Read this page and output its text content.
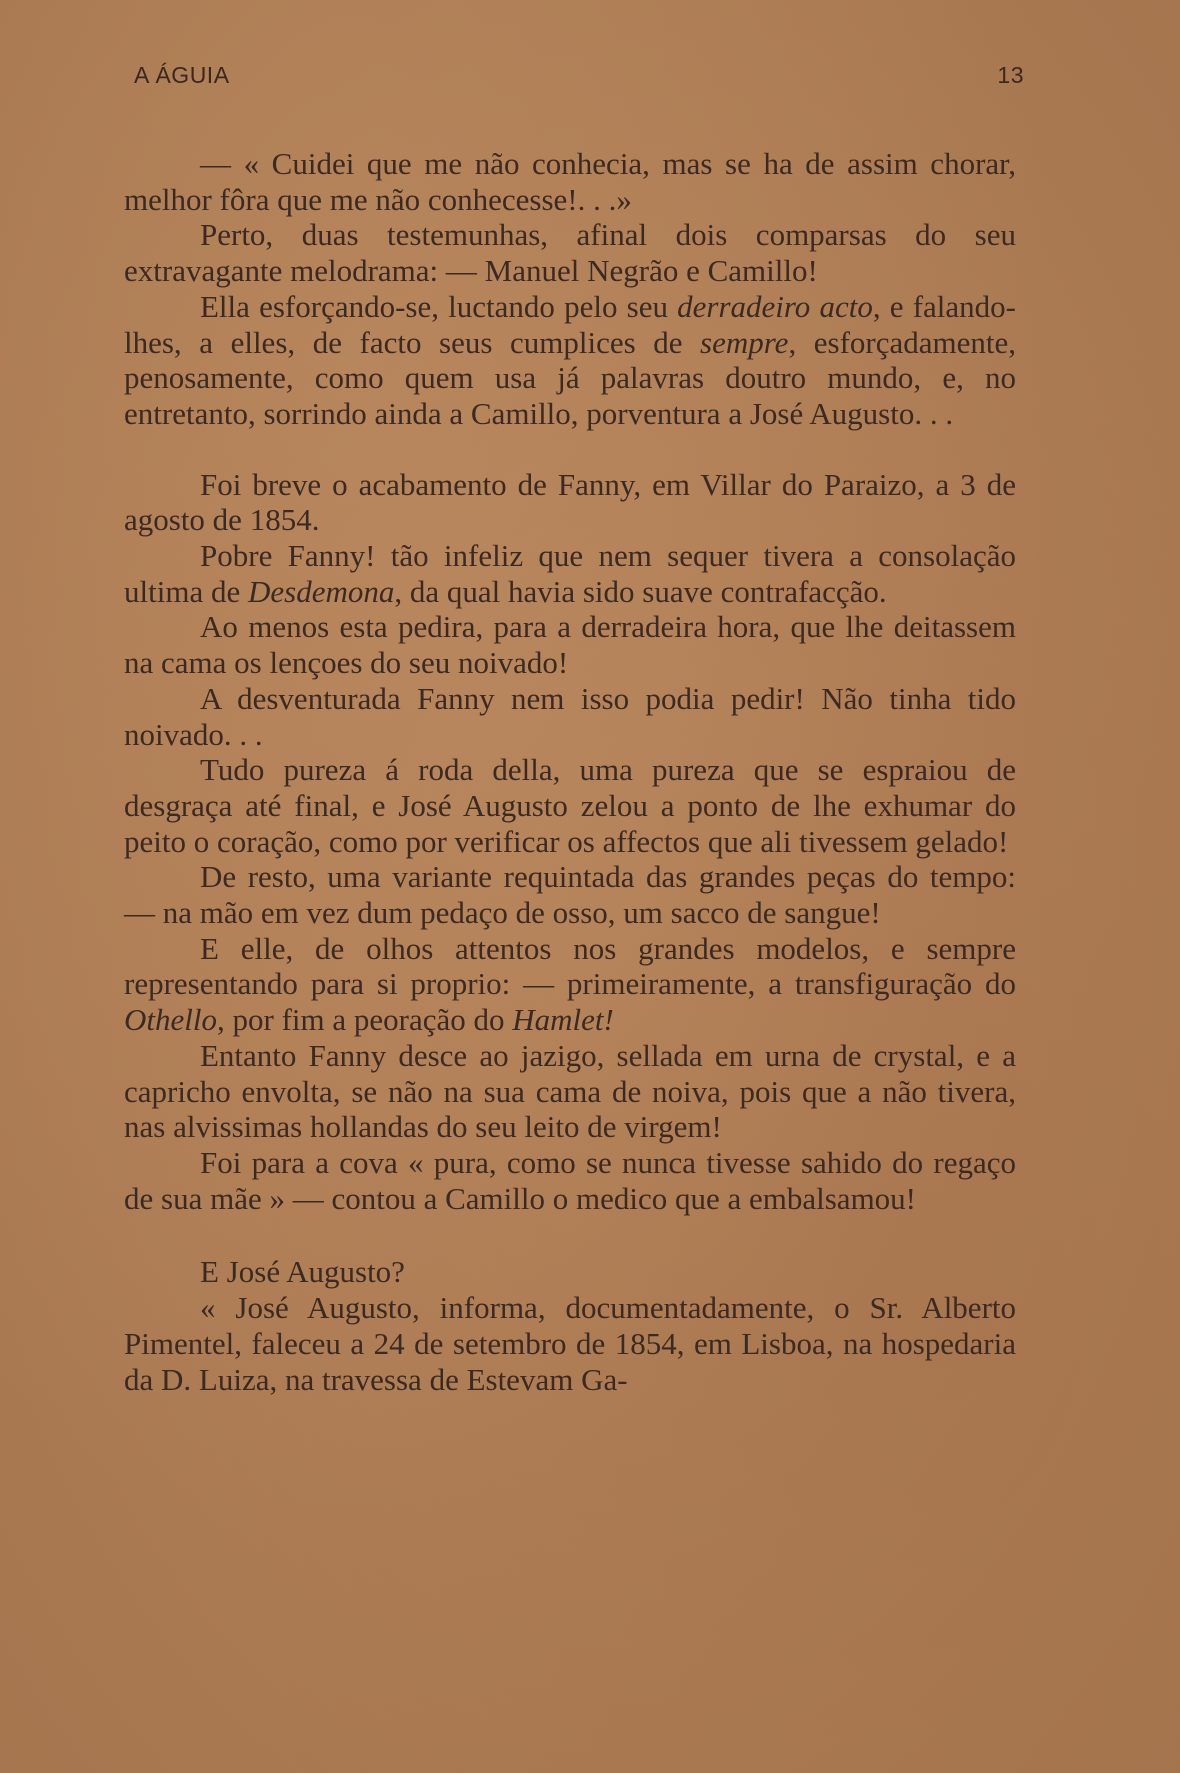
A ÁGUIA	13

— « Cuidei que me não conhecia, mas se ha de assim chorar, melhor fôra que me não conhecesse!. . .»

Perto, duas testemunhas, afinal dois comparsas do seu extravagante melodrama: — Manuel Negrão e Camillo!

Ella esforçando-se, luctando pelo seu derradeiro acto, e falando-lhes, a elles, de facto seus cumplices de sempre, esforçadamente, penosamente, como quem usa já palavras doutro mundo, e, no entretanto, sorrindo ainda a Camillo, porventura a José Augusto. . .

Foi breve o acabamento de Fanny, em Villar do Paraizo, a 3 de agosto de 1854.

Pobre Fanny! tão infeliz que nem sequer tivera a consolação ultima de Desdemona, da qual havia sido suave contrafacção.

Ao menos esta pedira, para a derradeira hora, que lhe deitassem na cama os lençoes do seu noivado!

A desventurada Fanny nem isso podia pedir! Não tinha tido noivado. . .

Tudo pureza á roda della, uma pureza que se espraiou de desgraça até final, e José Augusto zelou a ponto de lhe exhumar do peito o coração, como por verificar os affectos que ali tivessem gelado!

De resto, uma variante requintada das grandes peças do tempo: — na mão em vez dum pedaço de osso, um sacco de sangue!

E elle, de olhos attentos nos grandes modelos, e sempre representando para si proprio: — primeiramente, a transfiguração do Othello, por fim a peoração do Hamlet!

Entanto Fanny desce ao jazigo, sellada em urna de crystal, e a capricho envolta, se não na sua cama de noiva, pois que a não tivera, nas alvissimas hollandas do seu leito de virgem!

Foi para a cova « pura, como se nunca tivesse sahido do regaço de sua mãe » — contou a Camillo o medico que a embalsamou!

E José Augusto?

« José Augusto, informa, documentadamente, o Sr. Alberto Pimentel, faleceu a 24 de setembro de 1854, em Lisboa, na hospedaria da D. Luiza, na travessa de Estevam Ga-
